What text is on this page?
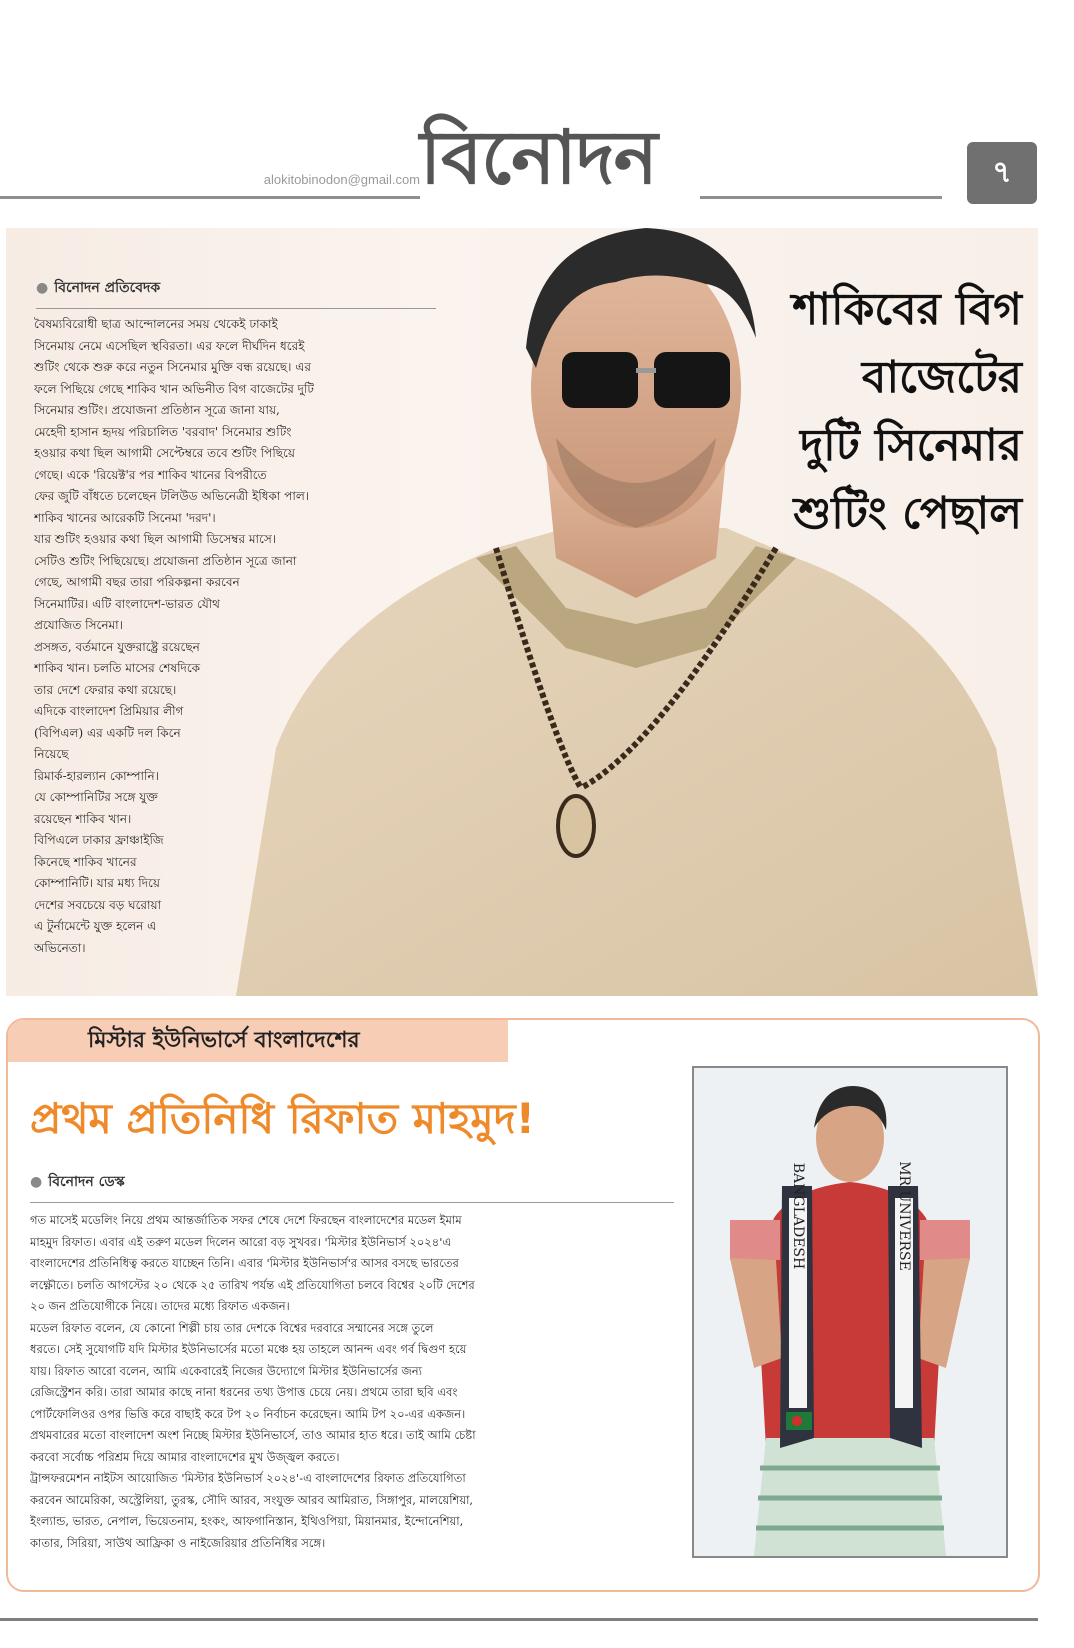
alokitobinodon@gmail.com বিনোদন	৭
● বিনোদন প্রতিবেদক
বৈষম্যবিরোধী ছাত্র আন্দোলনের সময় থেকেই ঢাকাই
সিনেমায় নেমে এসেছিল স্থবিরতা। এর ফলে দীর্ঘদিন ধরেই
শুটিং থেকে শুরু করে নতুন সিনেমার মুক্তি বন্ধ রয়েছে। এর
ফলে পিছিয়ে গেছে শাকিব খান অভিনীত বিগ বাজেটের দুটি
সিনেমার শুটিং। প্রযোজনা প্রতিষ্ঠান সূত্রে জানা যায়,
মেহেদী হাসান হৃদয় পরিচালিত 'বরবাদ' সিনেমার শুটিং
হওয়ার কথা ছিল আগামী সেপ্টেম্বরে তবে শুটিং পিছিয়ে
গেছে। একে 'রিয়েক্ট'র পর শাকিব খানের বিপরীতে
ফের জুটি বাঁধতে চলেছেন টলিউড অভিনেত্রী ইধিকা পাল।
শাকিব খানের আরেকটি সিনেমা 'দরদ'।
যার শুটিং হওয়ার কথা ছিল আগামী ডিসেম্বর মাসে।
সেটিও শুটিং পিছিয়েছে। প্রযোজনা প্রতিষ্ঠান সূত্রে জানা
গেছে, আগামী বছর তারা পরিকল্পনা করবেন
সিনেমাটির। এটি বাংলাদেশ-ভারত যৌথ
প্রযোজিত সিনেমা।
প্রসঙ্গত, বর্তমানে যুক্তরাষ্ট্রে রয়েছেন
শাকিব খান। চলতি মাসের শেষদিকে
তার দেশে ফেরার কথা রয়েছে।
এদিকে বাংলাদেশ প্রিমিয়ার লীগ
(বিপিএল) এর একটি দল কিনে
নিয়েছে
রিমার্ক-হারল্যান কোম্পানি।
যে কোম্পানিটির সঙ্গে যুক্ত
রয়েছেন শাকিব খান।
বিপিএলে ঢাকার ফ্রাঞ্চাইজি
কিনেছে শাকিব খানের
কোম্পানিটি। যার মধ্য দিয়ে
দেশের সবচেয়ে বড় ঘরোয়া
এ টুর্নামেন্টে যুক্ত হলেন এ
অভিনেতা।
শাকিবের বিগ
বাজেটের
দুটি সিনেমার
শুটিং পেছাল
মিস্টার ইউনিভার্সে বাংলাদেশের
প্রথম প্রতিনিধি রিফাত মাহমুদ!
● বিনোদন ডেস্ক
গত মাসেই মডেলিং নিয়ে প্রথম আন্তর্জাতিক সফর শেষে দেশে ফিরছেন বাংলাদেশের মডেল ইমাম
মাহমুদ রিফাত। এবার এই তরুণ মডেল দিলেন আরো বড় সুখবর। 'মিস্টার ইউনিভার্স ২০২৪'এ
বাংলাদেশের প্রতিনিধিত্ব করতে যাচ্ছেন তিনি। এবার 'মিস্টার ইউনিভার্স'র আসর বসছে ভারতের
লক্ষ্ণৌতে। চলতি আগস্টের ২০ থেকে ২৫ তারিখ পর্যন্ত এই প্রতিযোগিতা চলবে বিশ্বের ২০টি দেশের
২০ জন প্রতিযোগীকে নিয়ে। তাদের মধ্যে রিফাত একজন।
মডেল রিফাত বলেন, যে কোনো শিল্পী চায় তার দেশকে বিশ্বের দরবারে সম্মানের সঙ্গে তুলে
ধরতে। সেই সুযোগটি যদি মিস্টার ইউনিভার্সের মতো মঞ্চে হয় তাহলে আনন্দ এবং গর্ব দ্বিগুণ হয়ে
যায়। রিফাত আরো বলেন, আমি একেবারেই নিজের উদ্যোগে মিস্টার ইউনিভার্সের জন্য
রেজিস্ট্রেশন করি। তারা আমার কাছে নানা ধরনের তথ্য উপাত্ত চেয়ে নেয়। প্রথমে তারা ছবি এবং
পোর্টফোলিওর ওপর ভিত্তি করে বাছাই করে টপ ২০ নির্বাচন করেছেন। আমি টপ ২০-এর একজন।
প্রথমবারের মতো বাংলাদেশ অংশ নিচ্ছে মিস্টার ইউনিভার্সে, তাও আমার হাত ধরে। তাই আমি চেষ্টা
করবো সর্বোচ্চ পরিশ্রম দিয়ে আমার বাংলাদেশের মুখ উজ্জ্বল করতে।
ট্রান্সফরমেশন নাইটস আয়োজিত 'মিস্টার ইউনিভার্স ২০২৪'-এ বাংলাদেশের রিফাত প্রতিযোগিতা
করবেন আমেরিকা, অস্ট্রেলিয়া, তুরস্ক, সৌদি আরব, সংযুক্ত আরব আমিরাত, সিঙ্গাপুর, মালয়েশিয়া,
ইংল্যান্ড, ভারত, নেপাল, ভিয়েতনাম, হংকং, আফগানিস্তান, ইথিওপিয়া, মিয়ানমার, ইন্দোনেশিয়া,
কাতার, সিরিয়া, সাউথ আফ্রিকা ও নাইজেরিয়ার প্রতিনিধির সঙ্গে।
BANGLADESH	MR UNIVERSE
